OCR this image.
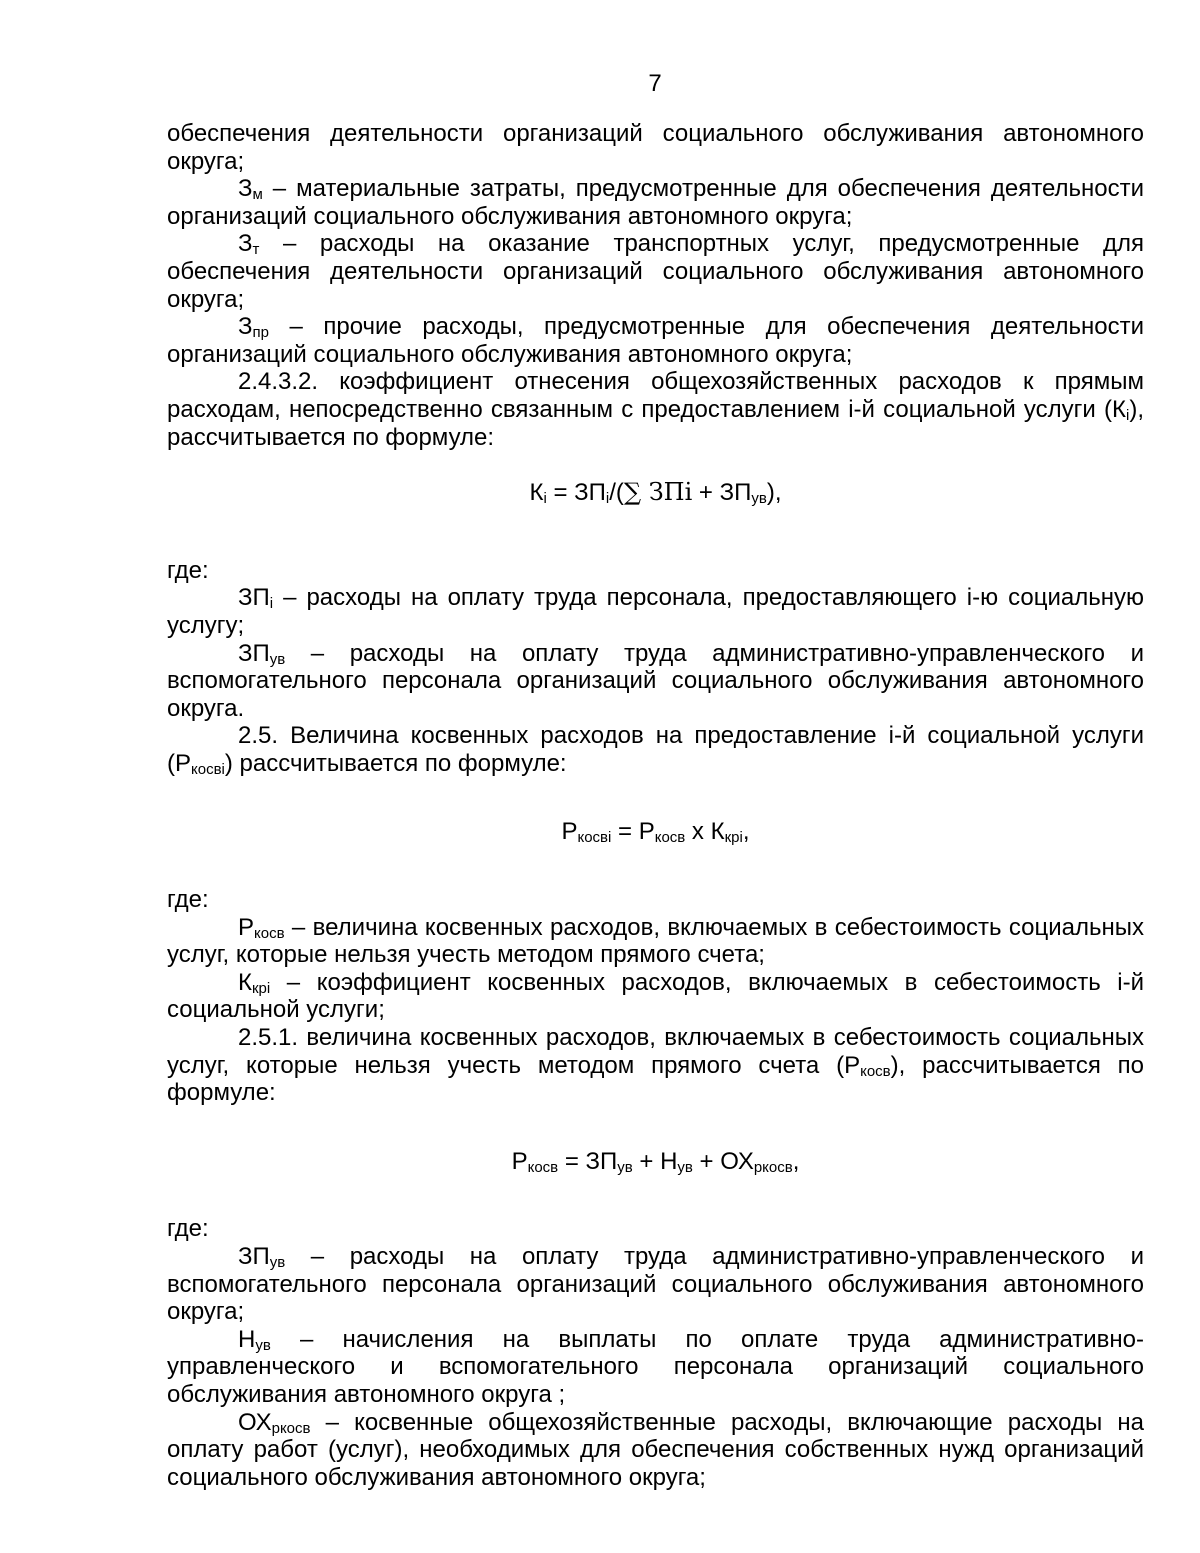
7

обеспечения деятельности организаций социального обслуживания автономного округа;

$З_м$ – материальные затраты, предусмотренные для обеспечения деятельности организаций социального обслуживания автономного округа;

$З_т$ – расходы на оказание транспортных услуг, предусмотренные для обеспечения деятельности организаций социального обслуживания автономного округа;

$З_{пр}$ – прочие расходы, предусмотренные для обеспечения деятельности организаций социального обслуживания автономного округа;

2.4.3.2. коэффициент отнесения общехозяйственных расходов к прямым расходам, непосредственно связанным с предоставлением i-й социальной услуги $(К_i)$, рассчитывается по формуле:

$К_i = ЗП_i/(\sum$ ЗПi + $ЗП_{ув}$),

где:

$ЗП_i$ – расходы на оплату труда персонала, предоставляющего i-ю социальную услугу;

$ЗП_{ув}$ – расходы на оплату труда административно-управленческого и вспомогательного персонала организаций социального обслуживания автономного округа.

2.5. Величина косвенных расходов на предоставление i-й социальной услуги $(Р_{косвi})$ рассчитывается по формуле:

$Р_{косвi} = Р_{косв}$ x $К_{крi}$,

где:

$Р_{косв}$ – величина косвенных расходов, включаемых в себестоимость социальных услуг, которые нельзя учесть методом прямого счета;

$К_{крi}$ – коэффициент косвенных расходов, включаемых в себестоимость i-й социальной услуги;

2.5.1. величина косвенных расходов, включаемых в себестоимость социальных услуг, которые нельзя учесть методом прямого счета $(Р_{косв})$, рассчитывается по формуле:

$Р_{косв} = ЗП_{ув} + Н_{ув} + ОХ_{ркосв}$,

где:

$ЗП_{ув}$ – расходы на оплату труда административно-управленческого и вспомогательного персонала организаций социального обслуживания автономного округа;

$Н_{ув}$ – начисления на выплаты по оплате труда административно-управленческого и вспомогательного персонала организаций социального обслуживания автономного округа ;

$ОХ_{ркосв}$ – косвенные общехозяйственные расходы, включающие расходы на оплату работ (услуг), необходимых для обеспечения собственных нужд организаций социального обслуживания автономного округа;
